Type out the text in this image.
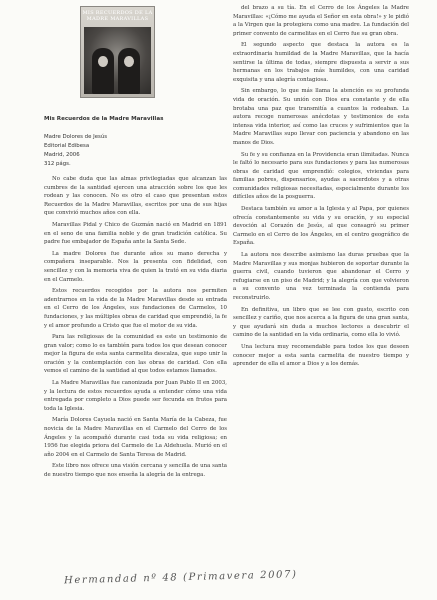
MIS RECUERDOS DE LA MADRE MARAVILLAS
Mis Recuerdos de la Madre Maravillas
Madre Dolores de Jesús
Editorial Edibesa
Madrid, 2006
312 págs.

No cabe duda que las almas privilegiadas que alcanzan las cumbres de la santidad ejercen una atracción sobre los que les rodean y las conocen. No es otro el caso que presentan estos Recuerdos de la Madre Maravillas, escritos por una de sus hijas que convivió muchos años con ella.

Maravillas Pidal y Chico de Guzmán nació en Madrid en 1891 en el seno de una familia noble y de gran tradición católica. Su padre fue embajador de España ante la Santa Sede.

La madre Dolores fue durante años su mano derecha y compañera inseparable. Nos la presenta con fidelidad, con sencillez y con la memoria viva de quien la trató en su vida diaria en el Carmelo.

Estos recuerdos recogidos por la autora nos permiten adentrarnos en la vida de la Madre Maravillas desde su entrada en el Cerro de los Ángeles, sus fundaciones de Carmelos, 10 fundaciones, y las múltiples obras de caridad que emprendió, la fe y el amor profundo a Cristo que fue el motor de su vida.

Para las religiosas de la comunidad es este un testimonio de gran valor; como lo es también para todos los que desean conocer mejor la figura de esta santa carmelita descalza, que supo unir la oración y la contemplación con las obras de caridad. Con ella vemos el camino de la santidad al que todos estamos llamados.

La Madre Maravillas fue canonizada por Juan Pablo II en 2003, y la lectura de estos recuerdos ayuda a entender cómo una vida entregada por completo a Dios puede ser fecunda en frutos para toda la Iglesia.

María Dolores Cayuela nació en Santa María de la Cabeza, fue novicia de la Madre Maravillas en el Carmelo del Cerro de los Ángeles y la acompañó durante casi toda su vida religiosa; en 1956 fue elegida priora del Carmelo de La Aldehuela. Murió en el año 2004 en el Carmelo de Santa Teresa de Madrid.

Este libro nos ofrece una visión cercana y sencilla de una santa de nuestro tiempo que nos enseña la alegría de la entrega.

del brazo a su tía. En el Cerro de los Ángeles la Madre Maravillas: «¡Cómo me ayuda el Señor en esta obra!» y le pidió a la Virgen que la protegiera como una madre. La fundación del primer convento de carmelitas en el Cerro fue su gran obra.

El segundo aspecto que destaca la autora es la extraordinaria humildad de la Madre Maravillas, que la hacía sentirse la última de todas, siempre dispuesta a servir a sus hermanas en los trabajos más humildes, con una caridad exquisita y una alegría contagiosa.

Sin embargo, lo que más llama la atención es su profunda vida de oración. Su unión con Dios era constante y de ella brotaba una paz que transmitía a cuantos la rodeaban. La autora recoge numerosas anécdotas y testimonios de esta intensa vida interior, así como las cruces y sufrimientos que la Madre Maravillas supo llevar con paciencia y abandono en las manos de Dios.

Su fe y su confianza en la Providencia eran ilimitadas. Nunca le faltó lo necesario para sus fundaciones y para las numerosas obras de caridad que emprendió: colegios, viviendas para familias pobres, dispensarios, ayudas a sacerdotes y a otras comunidades religiosas necesitadas, especialmente durante los difíciles años de la posguerra.

Destaca también su amor a la Iglesia y al Papa, por quienes ofrecía constantemente su vida y su oración, y su especial devoción al Corazón de Jesús, al que consagró su primer Carmelo en el Cerro de los Ángeles, en el centro geográfico de España.

La autora nos describe asimismo las duras pruebas que la Madre Maravillas y sus monjas hubieron de soportar durante la guerra civil, cuando tuvieron que abandonar el Cerro y refugiarse en un piso de Madrid; y la alegría con que volvieron a su convento una vez terminada la contienda para reconstruirlo.

En definitiva, un libro que se lee con gusto, escrito con sencillez y cariño, que nos acerca a la figura de una gran santa, y que ayudará sin duda a muchos lectores a descubrir el camino de la santidad en la vida ordinaria, como ella lo vivió.

Una lectura muy recomendable para todos los que deseen conocer mejor a esta santa carmelita de nuestro tiempo y aprender de ella el amor a Dios y a los demás.

Hermandad nº 48 (Primavera 2007)
